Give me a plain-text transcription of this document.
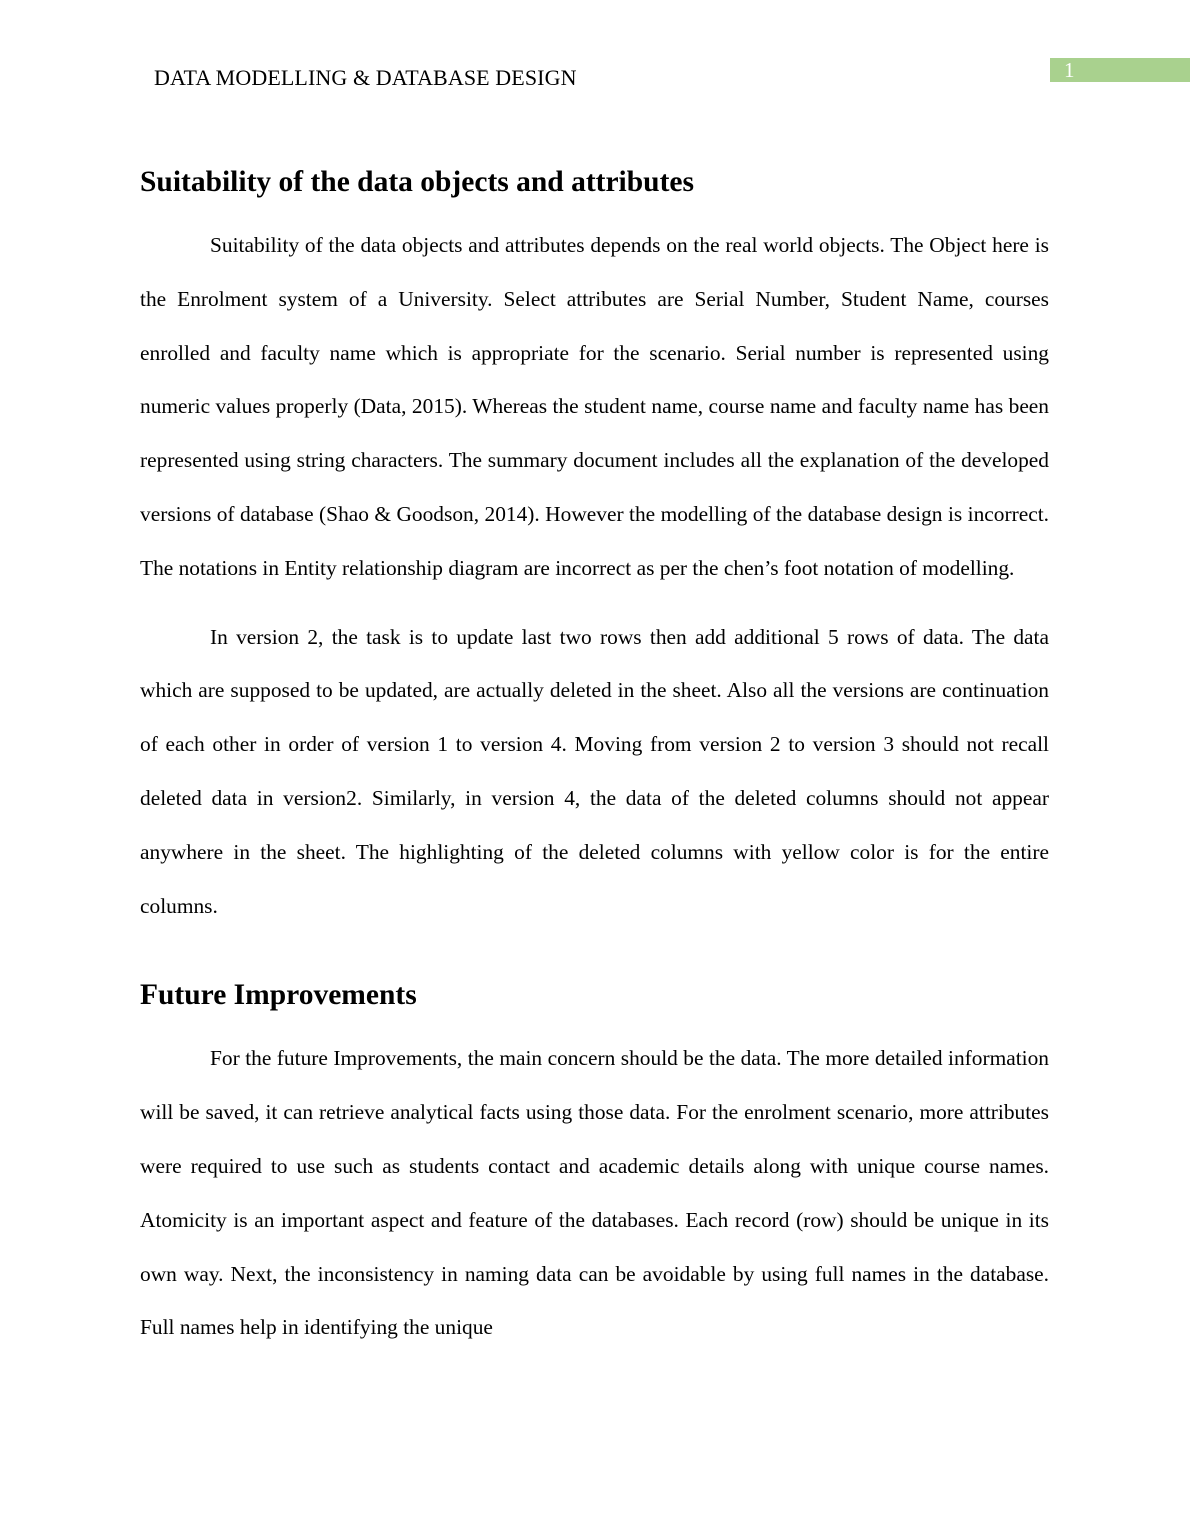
DATA MODELLING & DATABASE DESIGN	1
Suitability of the data objects and attributes

Suitability of the data objects and attributes depends on the real world objects. The Object here is the Enrolment system of a University. Select attributes are Serial Number, Student Name, courses enrolled and faculty name which is appropriate for the scenario. Serial number is represented using numeric values properly (Data, 2015). Whereas the student name, course name and faculty name has been represented using string characters. The summary document includes all the explanation of the developed versions of database (Shao & Goodson, 2014). However the modelling of the database design is incorrect. The notations in Entity relationship diagram are incorrect as per the chen’s foot notation of modelling.

In version 2, the task is to update last two rows then add additional 5 rows of data. The data which are supposed to be updated, are actually deleted in the sheet. Also all the versions are continuation of each other in order of version 1 to version 4. Moving from version 2 to version 3 should not recall deleted data in version2. Similarly, in version 4, the data of the deleted columns should not appear anywhere in the sheet. The highlighting of the deleted columns with yellow color is for the entire columns.

Future Improvements

For the future Improvements, the main concern should be the data. The more detailed information will be saved, it can retrieve analytical facts using those data. For the enrolment scenario, more attributes were required to use such as students contact and academic details along with unique course names. Atomicity is an important aspect and feature of the databases. Each record (row) should be unique in its own way. Next, the inconsistency in naming data can be avoidable by using full names in the database. Full names help in identifying the unique
